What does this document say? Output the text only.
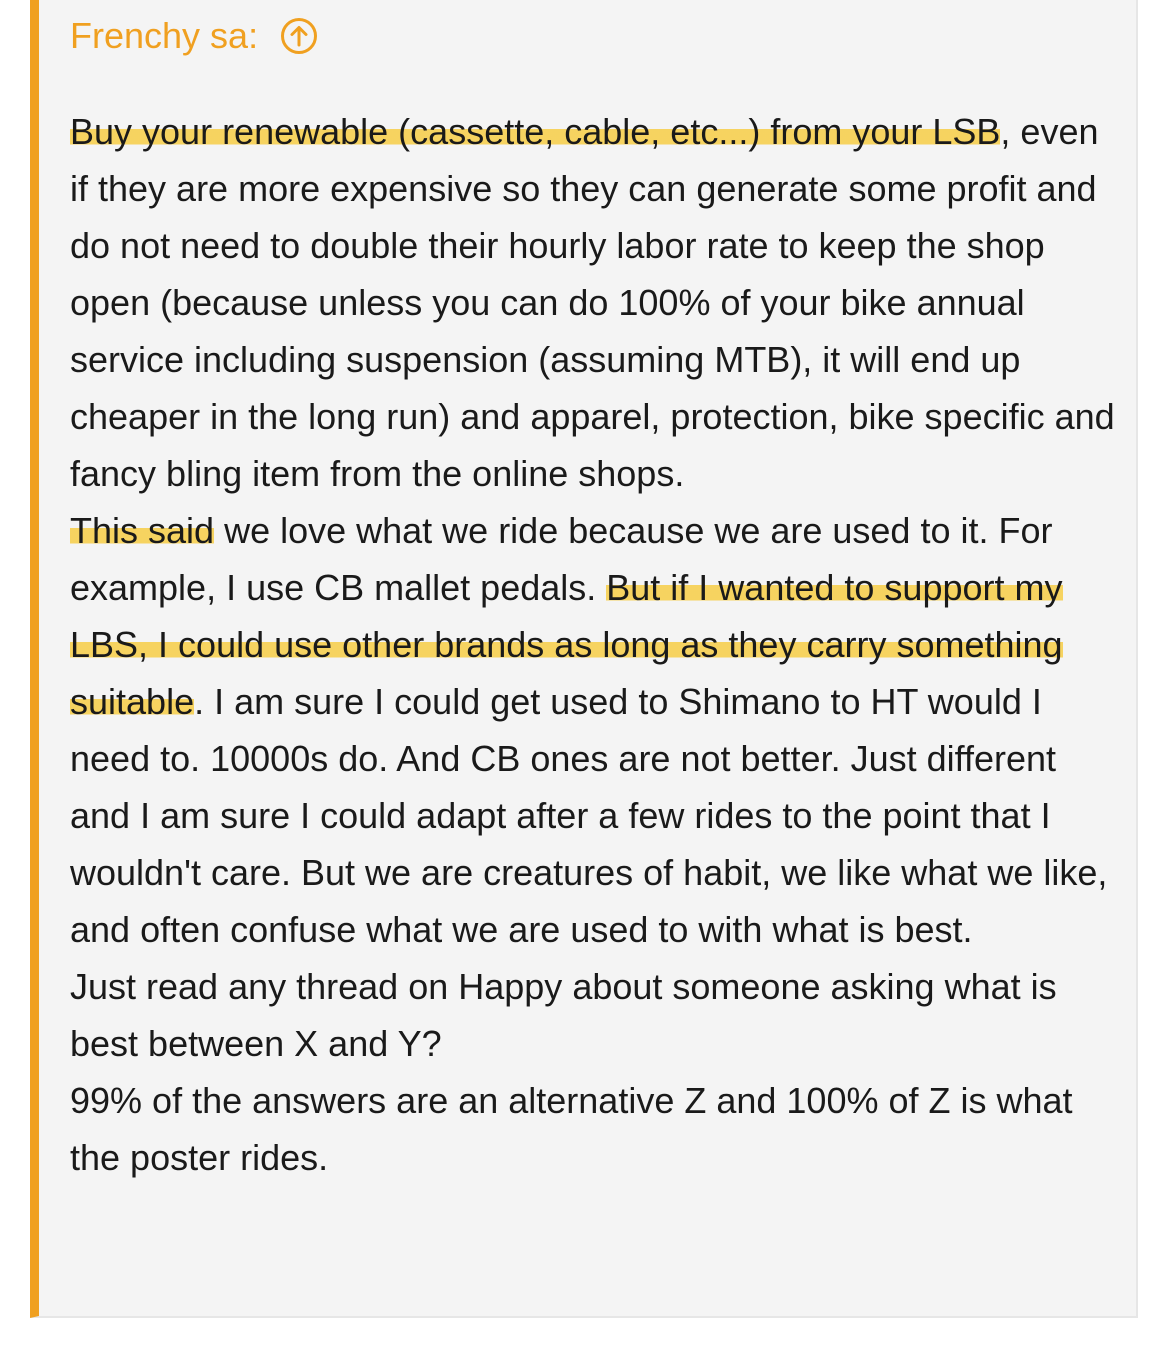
Frenchy sa:

Buy your renewable (cassette, cable, etc...) from your LSB, even if they are more expensive so they can generate some profit and do not need to double their hourly labor rate to keep the shop open (because unless you can do 100% of your bike annual service including suspension (assuming MTB), it will end up cheaper in the long run) and apparel, protection, bike specific and fancy bling item from the online shops.

This said we love what we ride because we are used to it. For example, I use CB mallet pedals. But if I wanted to support my LBS, I could use other brands as long as they carry something suitable. I am sure I could get used to Shimano to HT would I need to. 10000s do. And CB ones are not better. Just different and I am sure I could adapt after a few rides to the point that I wouldn't care. But we are creatures of habit, we like what we like, and often confuse what we are used to with what is best.

Just read any thread on Happy about someone asking what is best between X and Y?

99% of the answers are an alternative Z and 100% of Z is what the poster rides.
